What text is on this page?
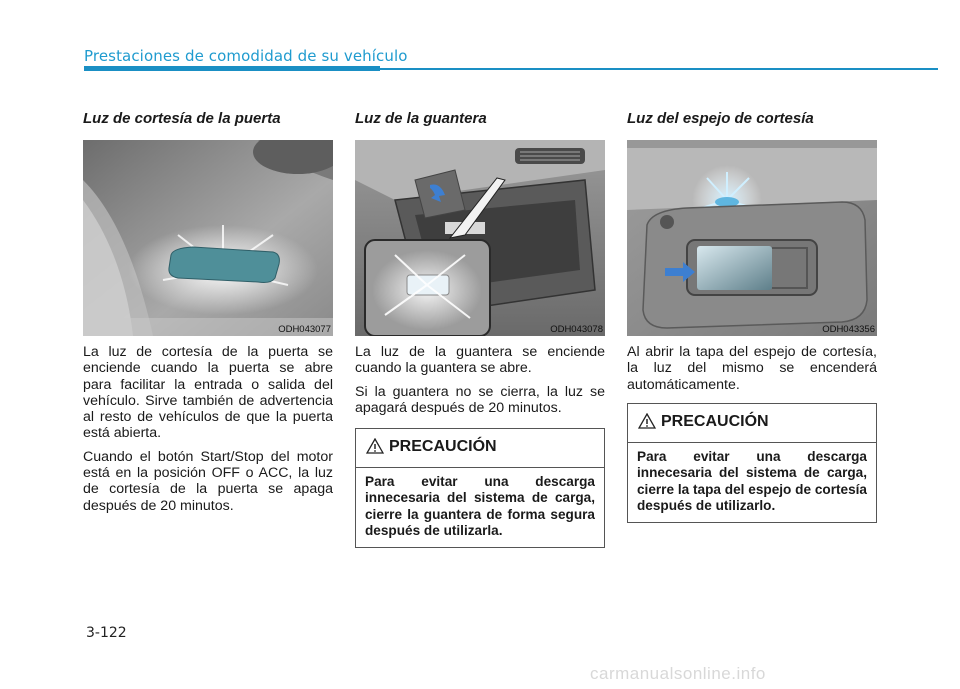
Prestaciones de comodidad de su vehículo
Luz de cortesía de la puerta
ODH043077

La luz de cortesía de la puerta se enciende cuando la puerta se abre para facilitar la entrada o salida del vehículo. Sirve también de advertencia al resto de vehículos de que la puerta está abierta.

Cuando el botón Start/Stop del motor está en la posición OFF o ACC, la luz de cortesía de la puerta se apaga después de 20 minutos.

Luz de la guantera
ODH043078

La luz de la guantera se enciende cuando la guantera se abre.

Si la guantera no se cierra, la luz se apagará después de 20 minutos.

Luz del espejo de cortesía
ODH043356

Al abrir la tapa del espejo de cortesía, la luz del mismo se encenderá automáticamente.

PRECAUCIÓN
Para evitar una descarga innecesaria del sistema de carga, cierre la guantera de forma segura después de utilizarla.
PRECAUCIÓN
Para evitar una descarga innecesaria del sistema de carga, cierre la tapa del espejo de cortesía después de utilizarlo.
3-122
carmanualsonline.info
